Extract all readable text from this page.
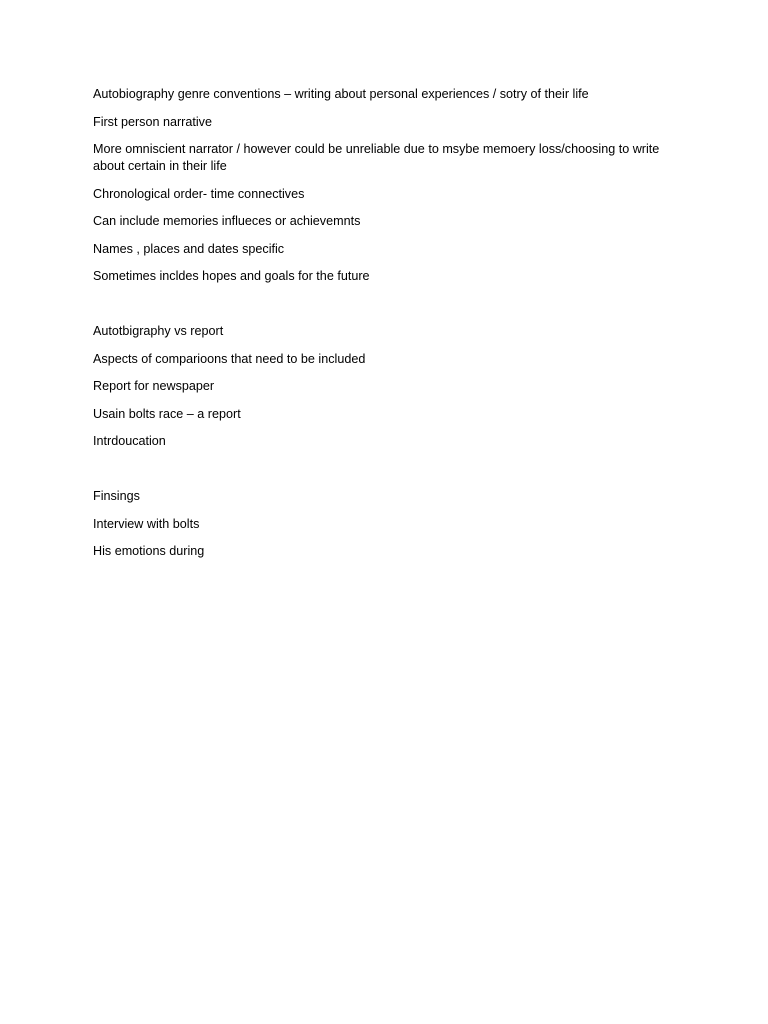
Autobiography genre conventions – writing about personal experiences / sotry of their life

First person narrative

More omniscient narrator / however could be unreliable due to msybe memoery loss/choosing to write about certain in their life

Chronological order- time connectives

Can include memories influeces or achievemnts

Names , places and dates specific

Sometimes incldes hopes and goals for the future

Autotbigraphy vs report

Aspects of comparioons that need to be included

Report for newspaper

Usain bolts race – a report

Intrdoucation

Finsings

Interview with bolts

His emotions during
